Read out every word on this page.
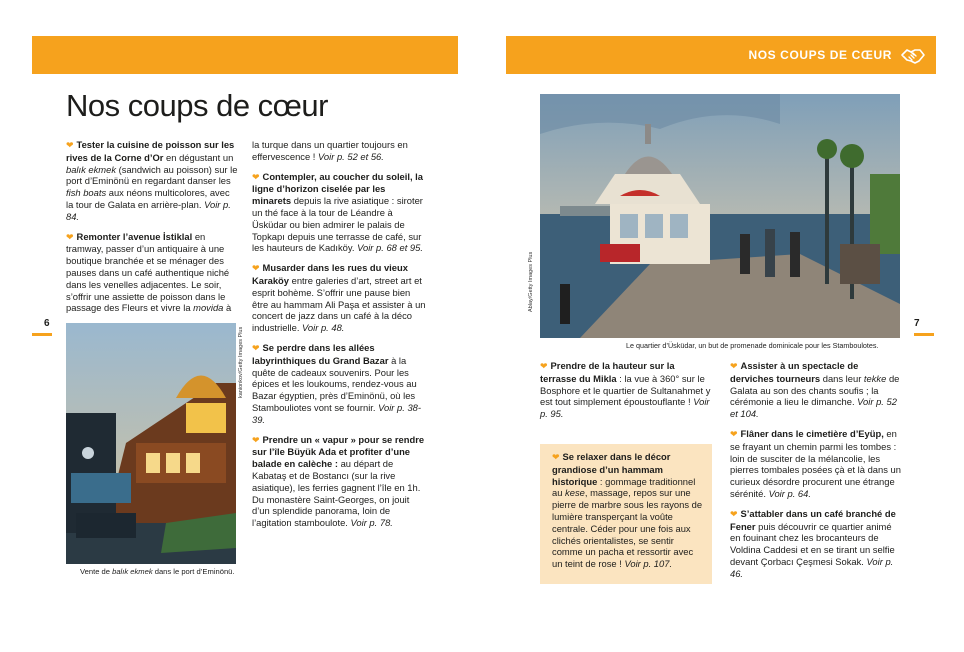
NOS COUPS DE CŒUR
Nos coups de cœur
6	7

❤ Tester la cuisine de poisson sur les rives de la Corne d’Or en dégustant un balık ekmek (sandwich au poisson) sur le port d’Eminönü en regardant danser les fish boats aux néons multicolores, avec la tour de Galata en arrière-plan. Voir p. 84.

❤ Remonter l’avenue İstiklal en tramway, passer d’un antiquaire à une boutique branchée et se ménager des pauses dans un café authentique niché dans les venelles adjacentes. Le soir, s’offrir une assiette de poisson dans le passage des Fleurs et vivre la movida à

kanionkov/Getty Images Plus
Vente de balık ekmek dans le port d’Eminönü.

la turque dans un quartier toujours en effervescence ! Voir p. 52 et 56.

❤ Contempler, au coucher du soleil, la ligne d’horizon ciselée par les minarets depuis la rive asiatique : siroter un thé face à la tour de Léandre à Üsküdar ou bien admirer le palais de Topkapı depuis une terrasse de café, sur les hauteurs de Kadıköy. Voir p. 68 et 95.

❤ Musarder dans les rues du vieux Karaköy entre galeries d’art, street art et esprit bohème. S’offrir une pause bien être au hammam Ali Paşa et assister à un concert de jazz dans un café à la déco industrielle. Voir p. 48.

❤ Se perdre dans les allées labyrinthiques du Grand Bazar à la quête de cadeaux souvenirs. Pour les épices et les loukoums, rendez-vous au Bazar égyptien, près d’Eminönü, où les Stambouliotes vont se fournir. Voir p. 38-39.

❤ Prendre un « vapur » pour se rendre sur l’île Büyük Ada et profiter d’une balade en calèche : au départ de Kabataş et de Bostancı (sur la rive asiatique), les ferries gagnent l’île en 1h. Du monastère Saint-Georges, on jouit d’un splendide panorama, loin de l’agitation stamboulote. Voir p. 78.

Ablay/Getty Images Plus
Le quartier d’Üsküdar, un but de promenade dominicale pour les Stamboulotes.

❤ Prendre de la hauteur sur la terrasse du Mikla : la vue à 360° sur le Bosphore et le quartier de Sultanahmet y est tout simplement époustouflante ! Voir p. 95.

❤ Se relaxer dans le décor grandiose d’un hammam historique : gommage traditionnel au kese, massage, repos sur une pierre de marbre sous les rayons de lumière transperçant la voûte centrale. Céder pour une fois aux clichés orientalistes, se sentir comme un pacha et ressortir avec un teint de rose ! Voir p. 107.

❤ Assister à un spectacle de derviches tourneurs dans leur tekke de Galata au son des chants soufis ; la cérémonie a lieu le dimanche. Voir p. 52 et 104.

❤ Flâner dans le cimetière d’Eyüp, en se frayant un chemin parmi les tombes : loin de susciter de la mélancolie, les pierres tombales posées çà et là dans un curieux désordre procurent une étrange sérénité. Voir p. 64.

❤ S’attabler dans un café branché de Fener puis découvrir ce quartier animé en fouinant chez les brocanteurs de Voldina Caddesi et en se tirant un selfie devant Çorbacı Çeşmesi Sokak. Voir p. 46.
